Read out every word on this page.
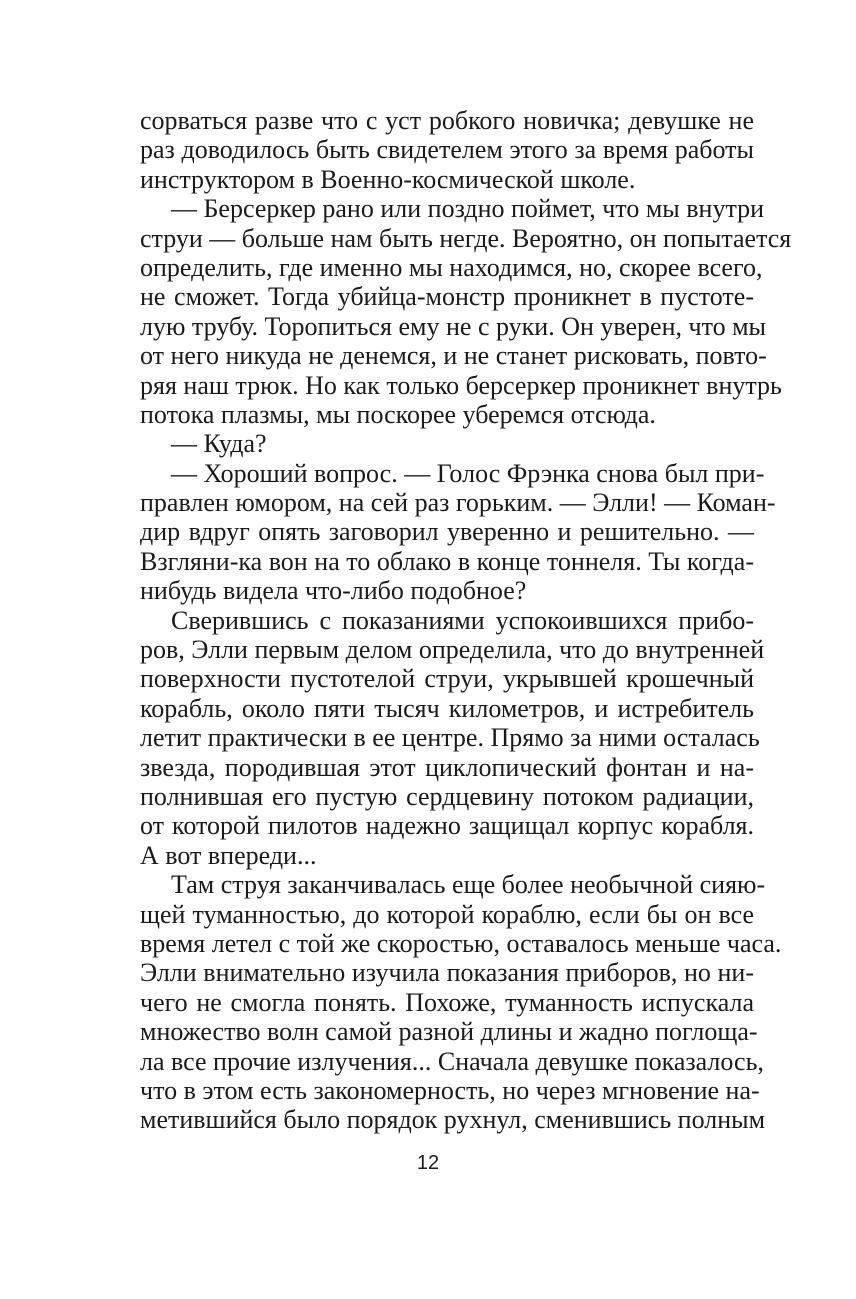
сорваться разве что с уст робкого новичка; девушке не
раз доводилось быть свидетелем этого за время работы
инструктором в Военно-космической школе.
— Берсеркер рано или поздно поймет, что мы внутри
струи — больше нам быть негде. Вероятно, он попытается
определить, где именно мы находимся, но, скорее всего,
не сможет. Тогда убийца-монстр проникнет в пустоте-
лую трубу. Торопиться ему не с руки. Он уверен, что мы
от него никуда не денемся, и не станет рисковать, повто-
ряя наш трюк. Но как только берсеркер проникнет внутрь
потока плазмы, мы поскорее уберемся отсюда.
— Куда?
— Хороший вопрос. — Голос Фрэнка снова был при-
правлен юмором, на сей раз горьким. — Элли! — Коман-
дир вдруг опять заговорил уверенно и решительно. —
Взгляни-ка вон на то облако в конце тоннеля. Ты когда-
нибудь видела что-либо подобное?
Сверившись с показаниями успокоившихся прибо-
ров, Элли первым делом определила, что до внутренней
поверхности пустотелой струи, укрывшей крошечный
корабль, около пяти тысяч километров, и истребитель
летит практически в ее центре. Прямо за ними осталась
звезда, породившая этот циклопический фонтан и на-
полнившая его пустую сердцевину потоком радиации,
от которой пилотов надежно защищал корпус корабля.
А вот впереди...
Там струя заканчивалась еще более необычной сияю-
щей туманностью, до которой кораблю, если бы он все
время летел с той же скоростью, оставалось меньше часа.
Элли внимательно изучила показания приборов, но ни-
чего не смогла понять. Похоже, туманность испускала
множество волн самой разной длины и жадно поглоща-
ла все прочие излучения... Сначала девушке показалось,
что в этом есть закономерность, но через мгновение на-
метившийся было порядок рухнул, сменившись полным
12
